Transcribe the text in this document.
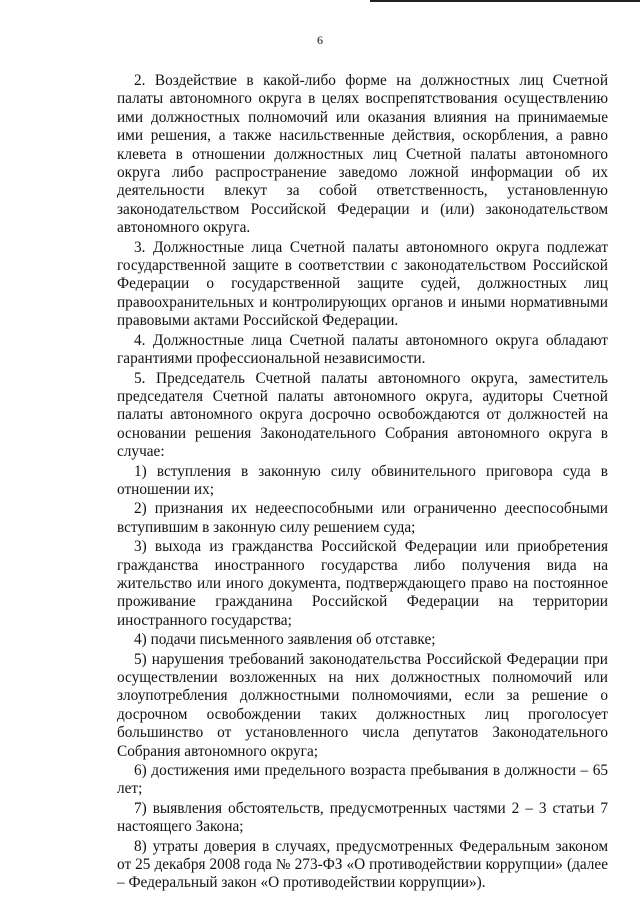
6

2. Воздействие в какой-либо форме на должностных лиц Счетной палаты автономного округа в целях воспрепятствования осуществлению ими должностных полномочий или оказания влияния на принимаемые ими решения, а также насильственные действия, оскорбления, а равно клевета в отношении должностных лиц Счетной палаты автономного округа либо распространение заведомо ложной информации об их деятельности влекут за собой ответственность, установленную законодательством Российской Федерации и (или) законодательством автономного округа.

3. Должностные лица Счетной палаты автономного округа подлежат государственной защите в соответствии с законодательством Российской Федерации о государственной защите судей, должностных лиц правоохранительных и контролирующих органов и иными нормативными правовыми актами Российской Федерации.

4. Должностные лица Счетной палаты автономного округа обладают гарантиями профессиональной независимости.

5. Председатель Счетной палаты автономного округа, заместитель председателя Счетной палаты автономного округа, аудиторы Счетной палаты автономного округа досрочно освобождаются от должностей на основании решения Законодательного Собрания автономного округа в случае:

1) вступления в законную силу обвинительного приговора суда в отношении их;

2) признания их недееспособными или ограниченно дееспособными вступившим в законную силу решением суда;

3) выхода из гражданства Российской Федерации или приобретения гражданства иностранного государства либо получения вида на жительство или иного документа, подтверждающего право на постоянное проживание гражданина Российской Федерации на территории иностранного государства;

4) подачи письменного заявления об отставке;

5) нарушения требований законодательства Российской Федерации при осуществлении возложенных на них должностных полномочий или злоупотребления должностными полномочиями, если за решение о досрочном освобождении таких должностных лиц проголосует большинство от установленного числа депутатов Законодательного Собрания автономного округа;

6) достижения ими предельного возраста пребывания в должности – 65 лет;

7) выявления обстоятельств, предусмотренных частями 2 – 3 статьи 7 настоящего Закона;

8) утраты доверия в случаях, предусмотренных Федеральным законом от 25 декабря 2008 года № 273-ФЗ «О противодействии коррупции» (далее – Федеральный закон «О противодействии коррупции»).
